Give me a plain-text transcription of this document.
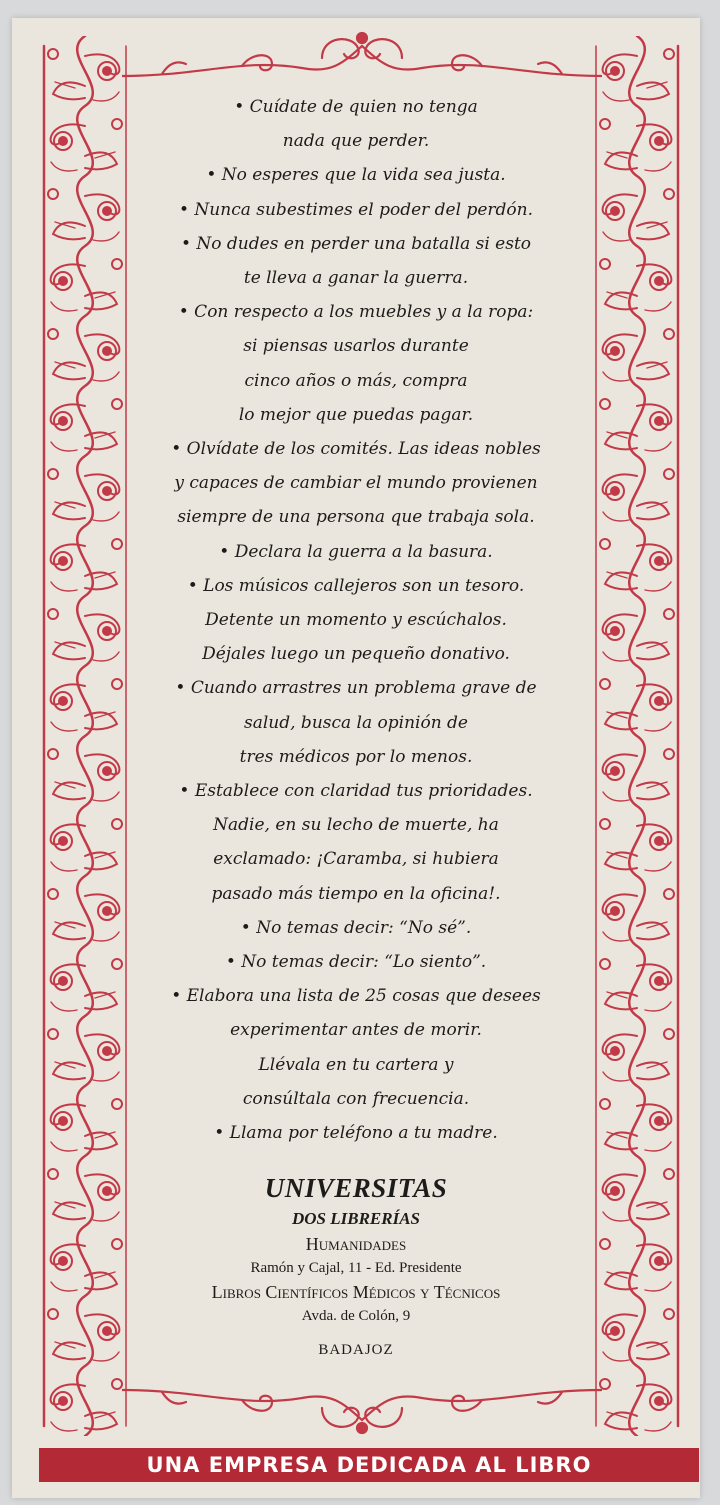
• Cuídate de quien no tenga
nada que perder.
• No esperes que la vida sea justa.
• Nunca subestimes el poder del perdón.
• No dudes en perder una batalla si esto
te lleva a ganar la guerra.
• Con respecto a los muebles y a la ropa:
si piensas usarlos durante
cinco años o más, compra
lo mejor que puedas pagar.
• Olvídate de los comités. Las ideas nobles
y capaces de cambiar el mundo provienen
siempre de una persona que trabaja sola.
• Declara la guerra a la basura.
• Los músicos callejeros son un tesoro.
Detente un momento y escúchalos.
Déjales luego un pequeño donativo.
• Cuando arrastres un problema grave de
salud, busca la opinión de
tres médicos por lo menos.
• Establece con claridad tus prioridades.
Nadie, en su lecho de muerte, ha
exclamado: ¡Caramba, si hubiera
pasado más tiempo en la oficina!.
• No temas decir: “No sé”.
• No temas decir: “Lo siento”.
• Elabora una lista de 25 cosas que desees
experimentar antes de morir.
Llévala en tu cartera y
consúltala con frecuencia.
• Llama por teléfono a tu madre.

UNIVERSITAS

DOS LIBRERÍAS

Humanidades

Ramón y Cajal, 11 - Ed. Presidente

Libros Científicos Médicos y Técnicos

Avda. de Colón, 9

BADAJOZ

UNA EMPRESA DEDICADA AL LIBRO
